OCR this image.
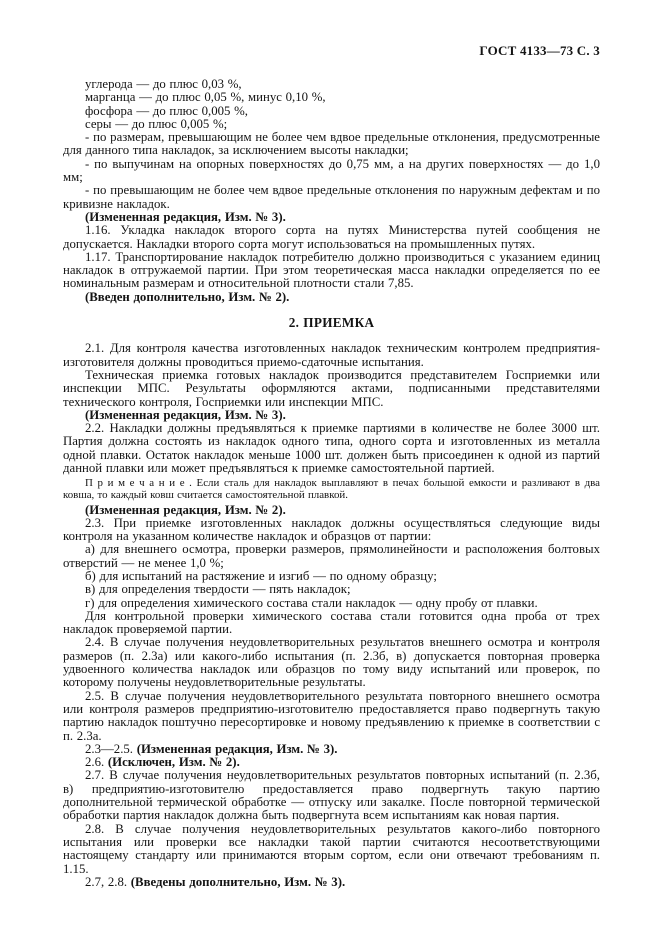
ГОСТ 4133—73 С. 3

углерода — до плюс 0,03 %,

марганца — до плюс 0,05 %, минус 0,10 %,

фосфора — до плюс 0,005 %,

серы — до плюс 0,005 %;

- по размерам, превышающим не более чем вдвое предельные отклонения, предусмотренные для данного типа накладок, за исключением высоты накладки;

- по выпучинам на опорных поверхностях до 0,75 мм, а на других поверхностях — до 1,0 мм;

- по превышающим не более чем вдвое предельные отклонения по наружным дефектам и по кривизне накладок.

(Измененная редакция, Изм. № 3).

1.16. Укладка накладок второго сорта на путях Министерства путей сообщения не допускается. Накладки второго сорта могут использоваться на промышленных путях.

1.17. Транспортирование накладок потребителю должно производиться с указанием единиц накладок в отгружаемой партии. При этом теоретическая масса накладки определяется по ее номинальным размерам и относительной плотности стали 7,85.

(Введен дополнительно, Изм. № 2).

2. ПРИЕМКА

2.1. Для контроля качества изготовленных накладок техническим контролем предприятия-изготовителя должны проводиться приемо-сдаточные испытания.

Техническая приемка готовых накладок производится представителем Госприемки или инспекции МПС. Результаты оформляются актами, подписанными представителями технического контроля, Госприемки или инспекции МПС.

(Измененная редакция, Изм. № 3).

2.2. Накладки должны предъявляться к приемке партиями в количестве не более 3000 шт. Партия должна состоять из накладок одного типа, одного сорта и изготовленных из металла одной плавки. Остаток накладок меньше 1000 шт. должен быть присоединен к одной из партий данной плавки или может предъявляться к приемке самостоятельной партией.

П р и м е ч а н и е . Если сталь для накладок выплавляют в печах большой емкости и разливают в два ковша, то каждый ковш считается самостоятельной плавкой.

(Измененная редакция, Изм. № 2).

2.3. При приемке изготовленных накладок должны осуществляться следующие виды контроля на указанном количестве накладок и образцов от партии:

а) для внешнего осмотра, проверки размеров, прямолинейности и расположения болтовых отверстий — не менее 1,0 %;

б) для испытаний на растяжение и изгиб — по одному образцу;

в) для определения твердости — пять накладок;

г) для определения химического состава стали накладок — одну пробу от плавки.

Для контрольной проверки химического состава стали готовится одна проба от трех накладок проверяемой партии.

2.4. В случае получения неудовлетворительных результатов внешнего осмотра и контроля размеров (п. 2.3а) или какого-либо испытания (п. 2.3б, в) допускается повторная проверка удвоенного количества накладок или образцов по тому виду испытаний или проверок, по которому получены неудовлетворительные результаты.

2.5. В случае получения неудовлетворительного результата повторного внешнего осмотра или контроля размеров предприятию-изготовителю предоставляется право подвергнуть такую партию накладок поштучно пересортировке и новому предъявлению к приемке в соответствии с п. 2.3а.

2.3—2.5. (Измененная редакция, Изм. № 3).

2.6. (Исключен, Изм. № 2).

2.7. В случае получения неудовлетворительных результатов повторных испытаний (п. 2.3б, в) предприятию-изготовителю предоставляется право подвергнуть такую партию дополнительной термической обработке — отпуску или закалке. После повторной термической обработки партия накладок должна быть подвергнута всем испытаниям как новая партия.

2.8. В случае получения неудовлетворительных результатов какого-либо повторного испытания или проверки все накладки такой партии считаются несоответствующими настоящему стандарту или принимаются вторым сортом, если они отвечают требованиям п. 1.15.

2.7, 2.8. (Введены дополнительно, Изм. № 3).
